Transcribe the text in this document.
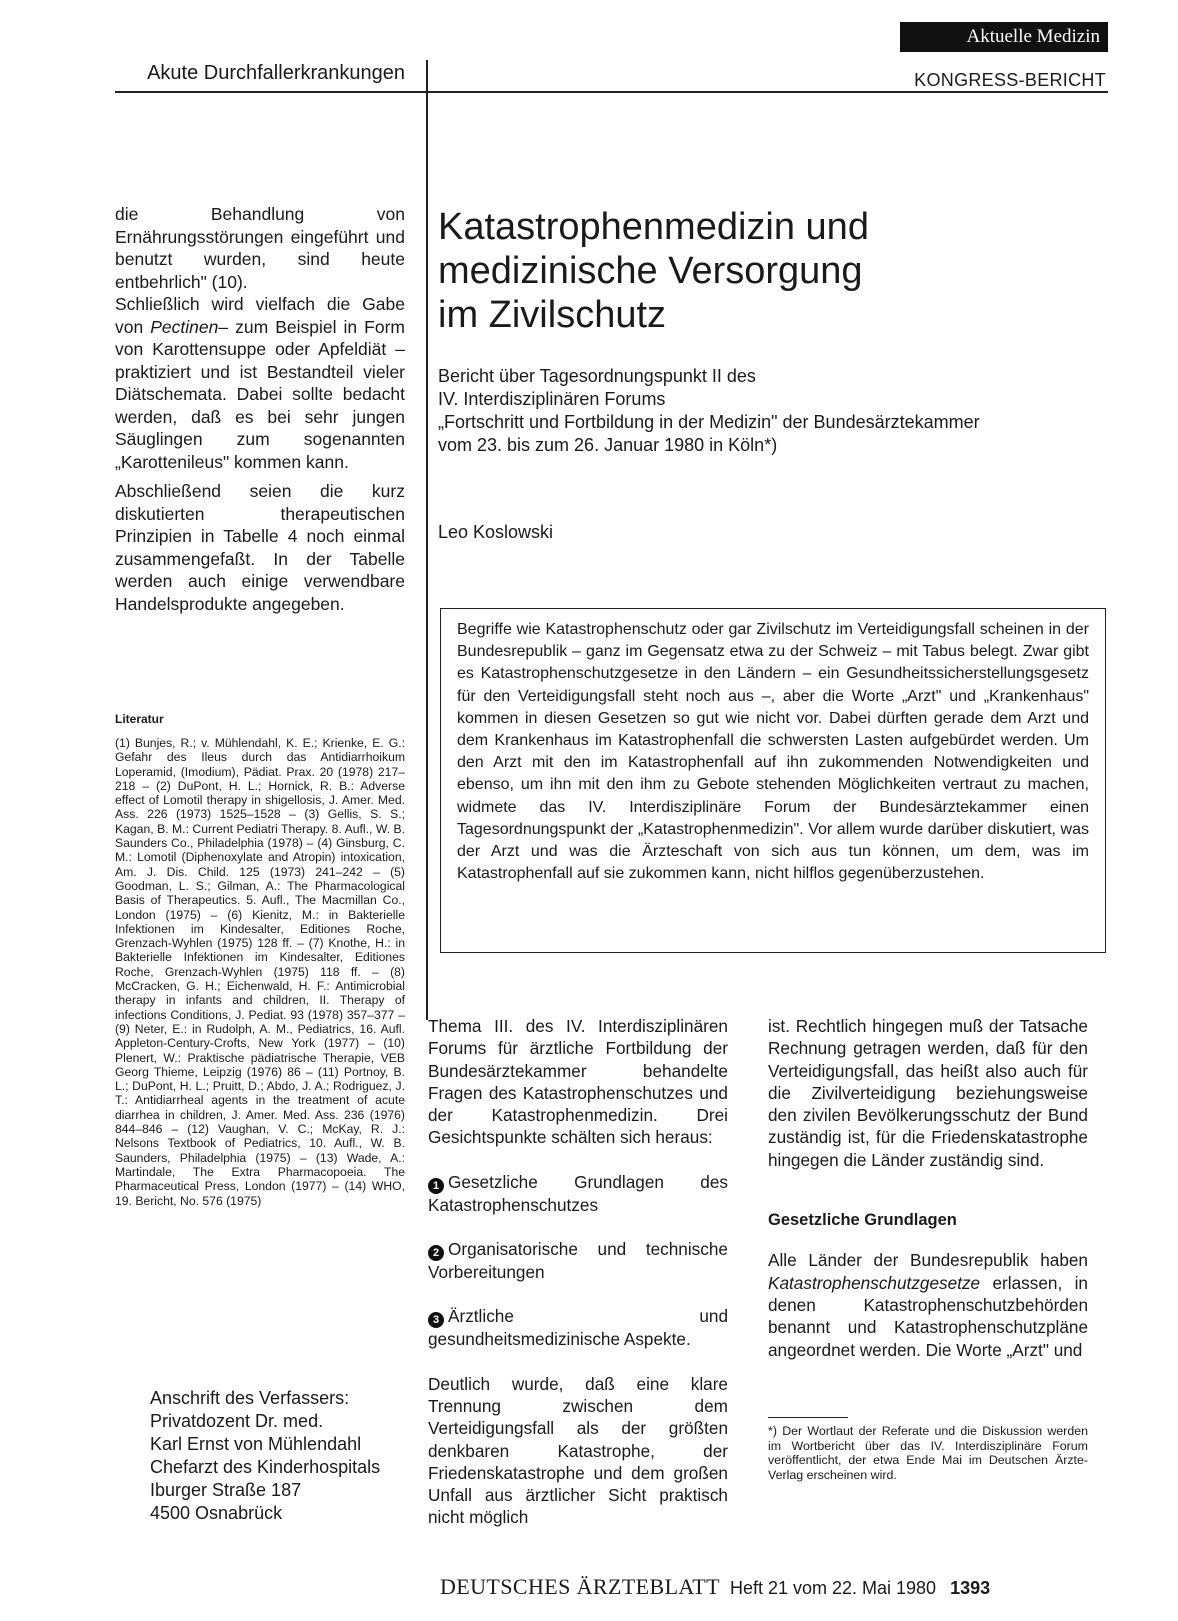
Aktuelle Medizin
Akute Durchfallerkrankungen	KONGRESS-BERICHT

die Behandlung von Ernährungsstörungen eingeführt und benutzt wurden, sind heute entbehrlich" (10).

Schließlich wird vielfach die Gabe von Pectinen– zum Beispiel in Form von Karottensuppe oder Apfeldiät – praktiziert und ist Bestandteil vieler Diätschemata. Dabei sollte bedacht werden, daß es bei sehr jungen Säuglingen zum sogenannten „Karottenileus" kommen kann.

Abschließend seien die kurz diskutierten therapeutischen Prinzipien in Tabelle 4 noch einmal zusammengefaßt. In der Tabelle werden auch einige verwendbare Handelsprodukte angegeben.

Literatur
(1) Bunjes, R.; v. Mühlendahl, K. E.; Krienke, E. G.: Gefahr des Ileus durch das Antidiarrhoikum Loperamid, (Imodium), Pädiat. Prax. 20 (1978) 217–218 – (2) DuPont, H. L.; Hornick, R. B.: Adverse effect of Lomotil therapy in shigellosis, J. Amer. Med. Ass. 226 (1973) 1525–1528 – (3) Gellis, S. S.; Kagan, B. M.: Current Pediatri Therapy. 8. Aufl., W. B. Saunders Co., Philadelphia (1978) – (4) Ginsburg, C. M.: Lomotil (Diphenoxylate and Atropin) intoxication, Am. J. Dis. Child. 125 (1973) 241–242 – (5) Goodman, L. S.; Gilman, A.: The Pharmacological Basis of Therapeutics. 5. Aufl., The Macmillan Co., London (1975) – (6) Kienitz, M.: in Bakterielle Infektionen im Kindesalter, Editiones Roche, Grenzach-Wyhlen (1975) 128 ff. – (7) Knothe, H.: in Bakterielle Infektionen im Kindesalter, Editiones Roche, Grenzach-Wyhlen (1975) 118 ff. – (8) McCracken, G. H.; Eichenwald, H. F.: Antimicrobial therapy in infants and children, II. Therapy of infections Conditions, J. Pediat. 93 (1978) 357–377 – (9) Neter, E.: in Rudolph, A. M., Pediatrics, 16. Aufl. Appleton-Century-Crofts, New York (1977) – (10) Plenert, W.: Praktische pädiatrische Therapie, VEB Georg Thieme, Leipzig (1976) 86 – (11) Portnoy, B. L.; DuPont, H. L.; Pruitt, D.; Abdo, J. A.; Rodriguez, J. T.: Antidiarrheal agents in the treatment of acute diarrhea in children, J. Amer. Med. Ass. 236 (1976) 844–846 – (12) Vaughan, V. C.; McKay, R. J.: Nelsons Textbook of Pediatrics, 10. Aufl., W. B. Saunders, Philadelphia (1975) – (13) Wade, A.: Martindale, The Extra Pharmacopoeia. The Pharmaceutical Press, London (1977) – (14) WHO, 19. Bericht, No. 576 (1975)
Anschrift des Verfassers:
Privatdozent Dr. med.
Karl Ernst von Mühlendahl
Chefarzt des Kinderhospitals
Iburger Straße 187
4500 Osnabrück
Katastrophenmedizin und
medizinische Versorgung
im Zivilschutz
Bericht über Tagesordnungspunkt II des
IV. Interdisziplinären Forums
„Fortschritt und Fortbildung in der Medizin" der Bundesärztekammer
vom 23. bis zum 26. Januar 1980 in Köln*)
Leo Koslowski
Begriffe wie Katastrophenschutz oder gar Zivilschutz im Verteidigungsfall scheinen in der Bundesrepublik – ganz im Gegensatz etwa zu der Schweiz – mit Tabus belegt. Zwar gibt es Katastrophenschutzgesetze in den Ländern – ein Gesundheitssicherstellungsgesetz für den Verteidigungsfall steht noch aus –, aber die Worte „Arzt" und „Krankenhaus" kommen in diesen Gesetzen so gut wie nicht vor. Dabei dürften gerade dem Arzt und dem Krankenhaus im Katastrophenfall die schwersten Lasten aufgebürdet werden. Um den Arzt mit den im Katastrophenfall auf ihn zukommenden Notwendigkeiten und ebenso, um ihn mit den ihm zu Gebote stehenden Möglichkeiten vertraut zu machen, widmete das IV. Interdisziplinäre Forum der Bundesärztekammer einen Tagesordnungspunkt der „Katastrophenmedizin". Vor allem wurde darüber diskutiert, was der Arzt und was die Ärzteschaft von sich aus tun können, um dem, was im Katastrophenfall auf sie zukommen kann, nicht hilflos gegenüberzustehen.

Thema III. des IV. Interdisziplinären Forums für ärztliche Fortbildung der Bundesärztekammer behandelte Fragen des Katastrophenschutzes und der Katastrophenmedizin. Drei Gesichtspunkte schälten sich heraus:

1 Gesetzliche Grundlagen des Katastrophenschutzes

2 Organisatorische und technische Vorbereitungen

3 Ärztliche und gesundheitsmedizinische Aspekte.

Deutlich wurde, daß eine klare Trennung zwischen dem Verteidigungsfall als der größten denkbaren Katastrophe, der Friedenskatastrophe und dem großen Unfall aus ärztlicher Sicht praktisch nicht möglich

ist. Rechtlich hingegen muß der Tatsache Rechnung getragen werden, daß für den Verteidigungsfall, das heißt also auch für die Zivilverteidigung beziehungsweise den zivilen Bevölkerungsschutz der Bund zuständig ist, für die Friedenskatastrophe hingegen die Länder zuständig sind.

Gesetzliche Grundlagen

Alle Länder der Bundesrepublik haben Katastrophenschutzgesetze erlassen, in denen Katastrophenschutzbehörden benannt und Katastrophenschutzpläne angeordnet werden. Die Worte „Arzt" und

*) Der Wortlaut der Referate und die Diskussion werden im Wortbericht über das IV. Interdisziplinäre Forum veröffentlicht, der etwa Ende Mai im Deutschen Ärzte-Verlag erscheinen wird.
DEUTSCHES ÄRZTEBLATT Heft 21 vom 22. Mai 1980 1393
